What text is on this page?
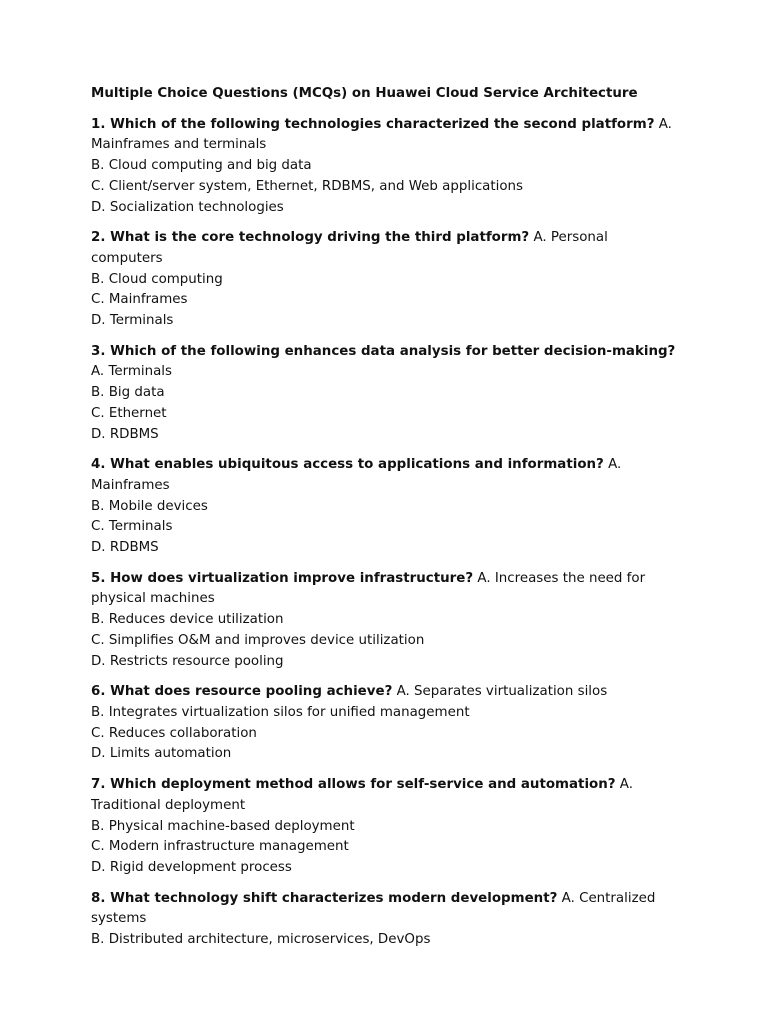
Multiple Choice Questions (MCQs) on Huawei Cloud Service Architecture

1. Which of the following technologies characterized the second platform? A. Mainframes and terminals

B. Cloud computing and big data

C. Client/server system, Ethernet, RDBMS, and Web applications

D. Socialization technologies

2. What is the core technology driving the third platform? A. Personal computers

B. Cloud computing

C. Mainframes

D. Terminals

3. Which of the following enhances data analysis for better decision-making? A. Terminals

B. Big data

C. Ethernet

D. RDBMS

4. What enables ubiquitous access to applications and information? A. Mainframes

B. Mobile devices

C. Terminals

D. RDBMS

5. How does virtualization improve infrastructure? A. Increases the need for physical machines

B. Reduces device utilization

C. Simplifies O&M and improves device utilization

D. Restricts resource pooling

6. What does resource pooling achieve? A. Separates virtualization silos

B. Integrates virtualization silos for unified management

C. Reduces collaboration

D. Limits automation

7. Which deployment method allows for self-service and automation? A. Traditional deployment

B. Physical machine-based deployment

C. Modern infrastructure management

D. Rigid development process

8. What technology shift characterizes modern development? A. Centralized systems

B. Distributed architecture, microservices, DevOps
